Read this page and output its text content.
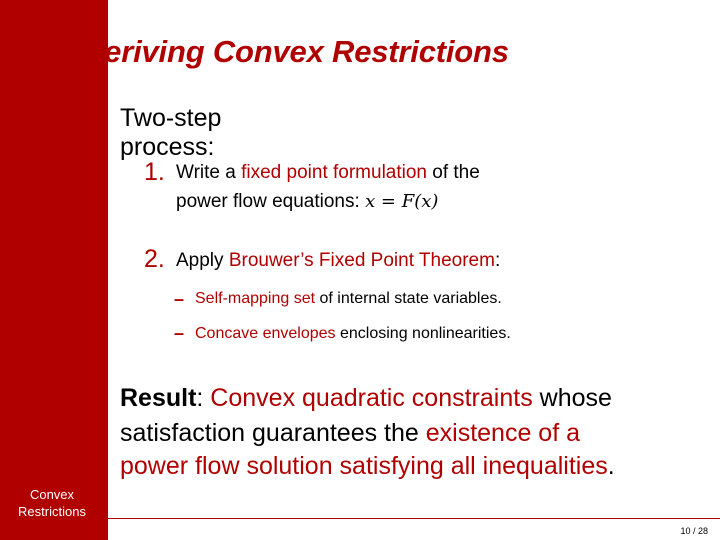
Convex Restrictions
10 / 28
Deriving Convex Restrictions
• Two-step process:
1. Write a fixed point formulation of the
power flow equations: x = F(x)
2. Apply Brouwer’s Fixed Point Theorem:
– Self-mapping set of internal state variables.
– Concave envelopes enclosing nonlinearities.
• Result: Convex quadratic constraints whose
satisfaction guarantees the existence of a
power flow solution satisfying all inequalities.
